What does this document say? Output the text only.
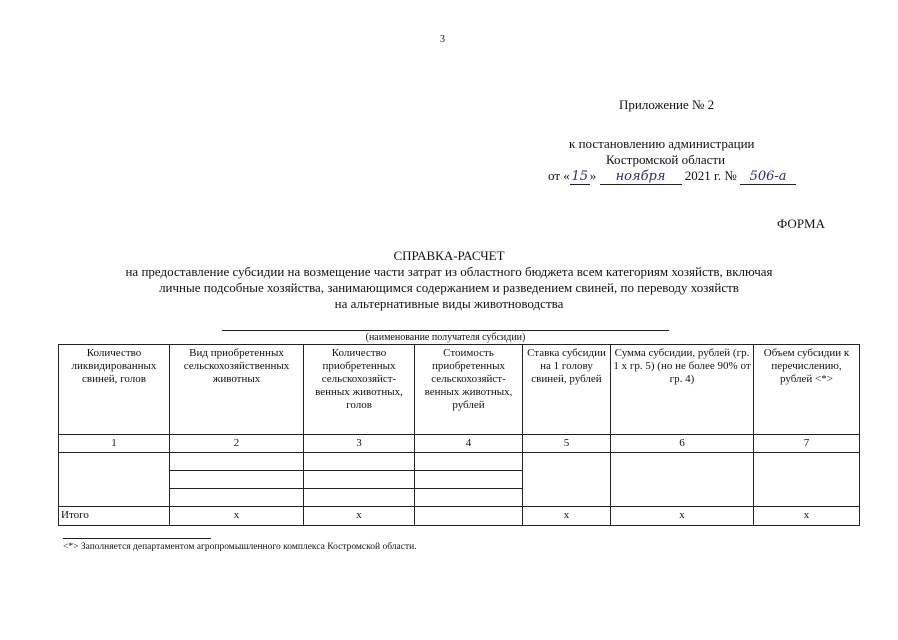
3
Приложение № 2
к постановлению администрации
Костромской области
от « 15 » ноября 2021 г. № 506-а
ФОРМА
СПРАВКА-РАСЧЕТ
на предоставление субсидии на возмещение части затрат из областного бюджета всем категориям хозяйств, включая
личные подсобные хозяйства, занимающимся содержанием и разведением свиней, по переводу хозяйств
на альтернативные виды животноводства
(наименование получателя субсидии)
Количество ликвидированных свиней, голов	Вид приобретенных сельскохозяйственных животных	Количество приобретенных сельскохозяйст- венных животных, голов	Стоимость приобретенных сельскохозяйст- венных животных, рублей	Ставка субсидии на 1 голову свиней, рублей	Сумма субсидии, рублей (гр. 1 x гр. 5) (но не более 90% от гр. 4)	Объем субсидии к перечислению, рублей <*>
1	2	3	4	5	6	7

Итого	х	х		х	х	х
<*> Заполняется департаментом агропромышленного комплекса Костромской области.
